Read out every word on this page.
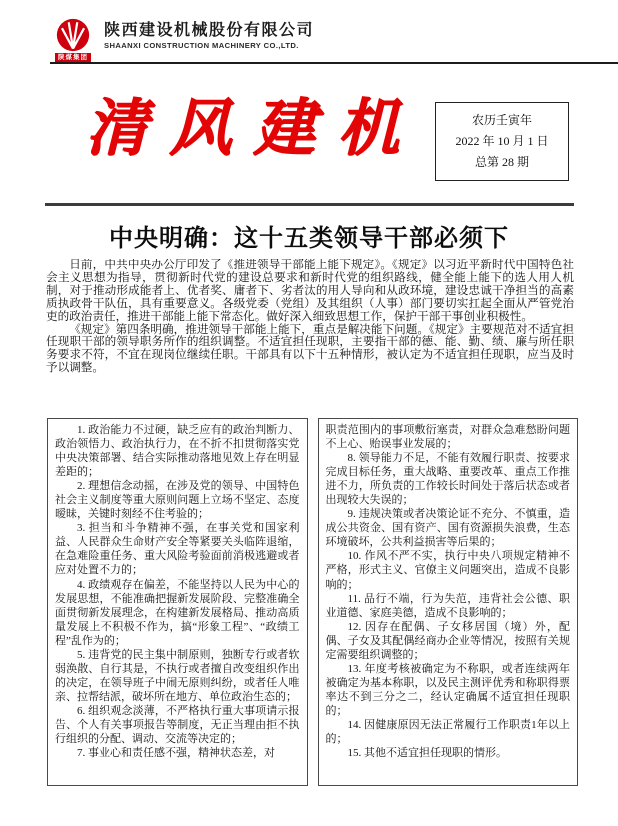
陕煤集团
陕西建设机械股份有限公司
SHAANXI CONSTRUCTION MACHINERY CO.,LTD.
清风建机	农历壬寅年
2022 年 10 月 1 日
总第 28 期
中央明确：这十五类领导干部必须下

日前，中共中央办公厅印发了《推进领导干部能上能下规定》。《规定》以习近平新时代中国特色社会主义思想为指导，贯彻新时代党的建设总要求和新时代党的组织路线，健全能上能下的选人用人机制，对于推动形成能者上、优者奖、庸者下、劣者汰的用人导向和从政环境，建设忠诚干净担当的高素质执政骨干队伍，具有重要意义。各级党委（党组）及其组织（人事）部门要切实扛起全面从严管党治吏的政治责任，推进干部能上能下常态化。做好深入细致思想工作，保护干部干事创业积极性。

《规定》第四条明确，推进领导干部能上能下，重点是解决能下问题。《规定》主要规范对不适宜担任现职干部的领导职务所作的组织调整。不适宜担任现职，主要指干部的德、能、勤、绩、廉与所任职务要求不符，不宜在现岗位继续任职。干部具有以下十五种情形，被认定为不适宜担任现职，应当及时予以调整。

1. 政治能力不过硬，缺乏应有的政治判断力、政治领悟力、政治执行力，在不折不扣贯彻落实党中央决策部署、结合实际推动落地见效上存在明显差距的；

2. 理想信念动摇，在涉及党的领导、中国特色社会主义制度等重大原则问题上立场不坚定、态度暧昧，关键时刻经不住考验的；

3. 担当和斗争精神不强，在事关党和国家利益、人民群众生命财产安全等紧要关头临阵退缩，在急难险重任务、重大风险考验面前消极逃避或者应对处置不力的；

4. 政绩观存在偏差，不能坚持以人民为中心的发展思想，不能准确把握新发展阶段、完整准确全面贯彻新发展理念，在构建新发展格局、推动高质量发展上不积极不作为，搞“形象工程”、“政绩工程”乱作为的；

5. 违背党的民主集中制原则，独断专行或者软弱涣散、自行其是，不执行或者擅自改变组织作出的决定，在领导班子中闹无原则纠纷，或者任人唯亲、拉帮结派，破坏所在地方、单位政治生态的；

6. 组织观念淡薄，不严格执行重大事项请示报告、个人有关事项报告等制度，无正当理由拒不执行组织的分配、调动、交流等决定的；

7. 事业心和责任感不强，精神状态差，对

职责范围内的事项敷衍塞责，对群众急难愁盼问题不上心、贻误事业发展的；

8. 领导能力不足，不能有效履行职责、按要求完成目标任务，重大战略、重要改革、重点工作推进不力，所负责的工作较长时间处于落后状态或者出现较大失误的；

9. 违规决策或者决策论证不充分、不慎重，造成公共资金、国有资产、国有资源损失浪费，生态环境破坏，公共利益损害等后果的；

10. 作风不严不实，执行中央八项规定精神不严格，形式主义、官僚主义问题突出，造成不良影响的；

11. 品行不端，行为失范，违背社会公德、职业道德、家庭美德，造成不良影响的；

12. 因存在配偶、子女移居国（境）外，配偶、子女及其配偶经商办企业等情况，按照有关规定需要组织调整的；

13. 年度考核被确定为不称职，或者连续两年被确定为基本称职，以及民主测评优秀和称职得票率达不到三分之二，经认定确属不适宜担任现职的；

14. 因健康原因无法正常履行工作职责1年以上的；

15. 其他不适宜担任现职的情形。
